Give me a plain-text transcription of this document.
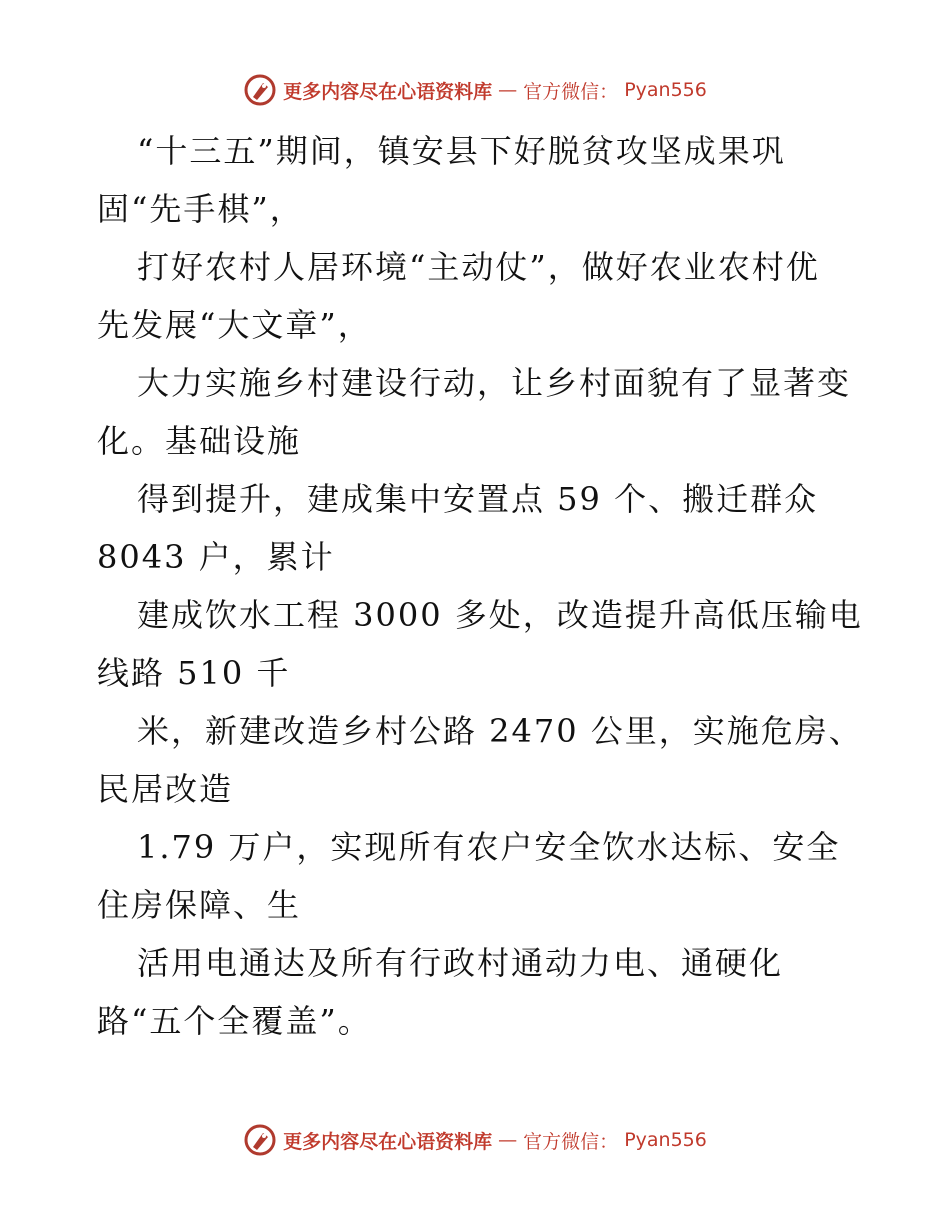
更多内容尽在心语资料库 — 官方微信： Pyan556
“十三五”期间，镇安县下好脱贫攻坚成果巩
固“先手棋”，
打好农村人居环境“主动仗”，做好农业农村优
先发展“大文章”，
大力实施乡村建设行动，让乡村面貌有了显著变
化。基础设施
得到提升，建成集中安置点 59 个、搬迁群众
8043 户，累计
建成饮水工程 3000 多处，改造提升高低压输电
线路 510 千
米，新建改造乡村公路 2470 公里，实施危房、
民居改造
1.79 万户，实现所有农户安全饮水达标、安全
住房保障、生
活用电通达及所有行政村通动力电、通硬化
路“五个全覆盖”。
更多内容尽在心语资料库 — 官方微信： Pyan556
